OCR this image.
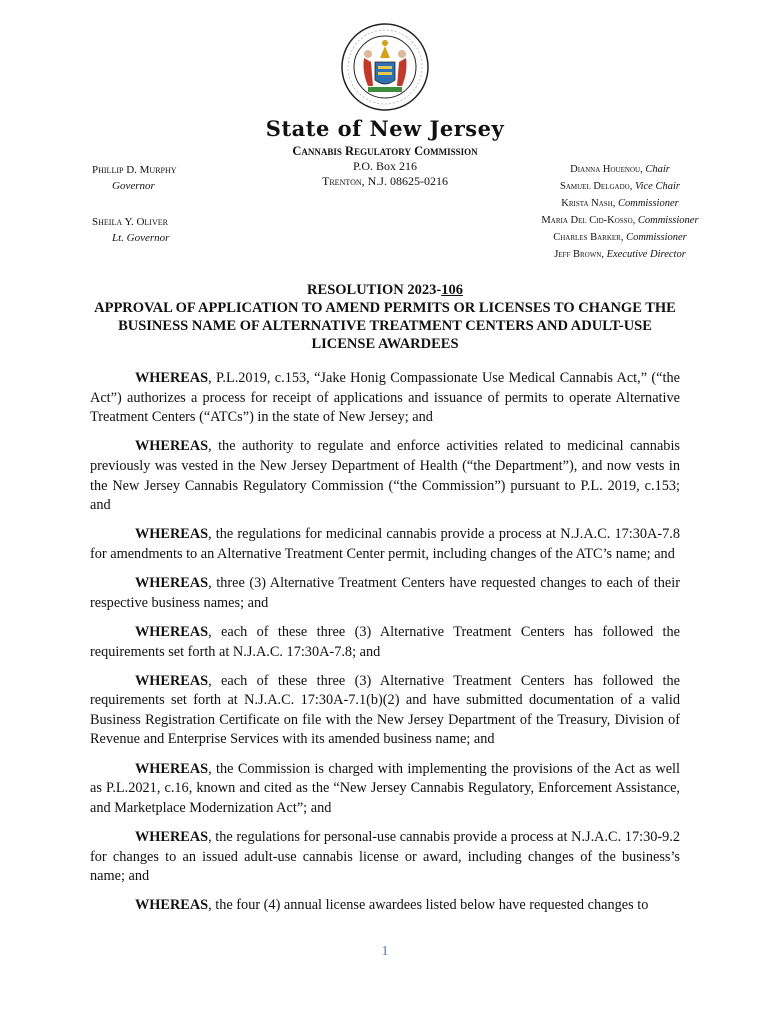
State of New Jersey
Phillip D. Murphy
Governor
Sheila Y. Oliver
Lt. Governor
Cannabis Regulatory Commission
P.O. Box 216
Trenton, N.J. 08625-0216
Dianna Houenou, Chair
Samuel Delgado, Vice Chair
Krista Nash, Commissioner
Maria Del Cid-Kosso, Commissioner
Charles Barker, Commissioner
Jeff Brown, Executive Director
RESOLUTION 2023-106
APPROVAL OF APPLICATION TO AMEND PERMITS OR LICENSES TO CHANGE THE BUSINESS NAME OF ALTERNATIVE TREATMENT CENTERS AND ADULT-USE LICENSE AWARDEES

WHEREAS, P.L.2019, c.153, “Jake Honig Compassionate Use Medical Cannabis Act,” (“the Act”) authorizes a process for receipt of applications and issuance of permits to operate Alternative Treatment Centers (“ATCs”) in the state of New Jersey; and

WHEREAS, the authority to regulate and enforce activities related to medicinal cannabis previously was vested in the New Jersey Department of Health (“the Department”), and now vests in the New Jersey Cannabis Regulatory Commission (“the Commission”) pursuant to P.L. 2019, c.153; and

WHEREAS, the regulations for medicinal cannabis provide a process at N.J.A.C. 17:30A-7.8 for amendments to an Alternative Treatment Center permit, including changes of the ATC’s name; and

WHEREAS, three (3) Alternative Treatment Centers have requested changes to each of their respective business names; and

WHEREAS, each of these three (3) Alternative Treatment Centers has followed the requirements set forth at N.J.A.C. 17:30A-7.8; and

WHEREAS, each of these three (3) Alternative Treatment Centers has followed the requirements set forth at N.J.A.C. 17:30A-7.1(b)(2) and have submitted documentation of a valid Business Registration Certificate on file with the New Jersey Department of the Treasury, Division of Revenue and Enterprise Services with its amended business name; and

WHEREAS, the Commission is charged with implementing the provisions of the Act as well as P.L.2021, c.16, known and cited as the “New Jersey Cannabis Regulatory, Enforcement Assistance, and Marketplace Modernization Act”; and

WHEREAS, the regulations for personal-use cannabis provide a process at N.J.A.C. 17:30-9.2 for changes to an issued adult-use cannabis license or award, including changes of the business’s name; and

WHEREAS, the four (4) annual license awardees listed below have requested changes to

1
